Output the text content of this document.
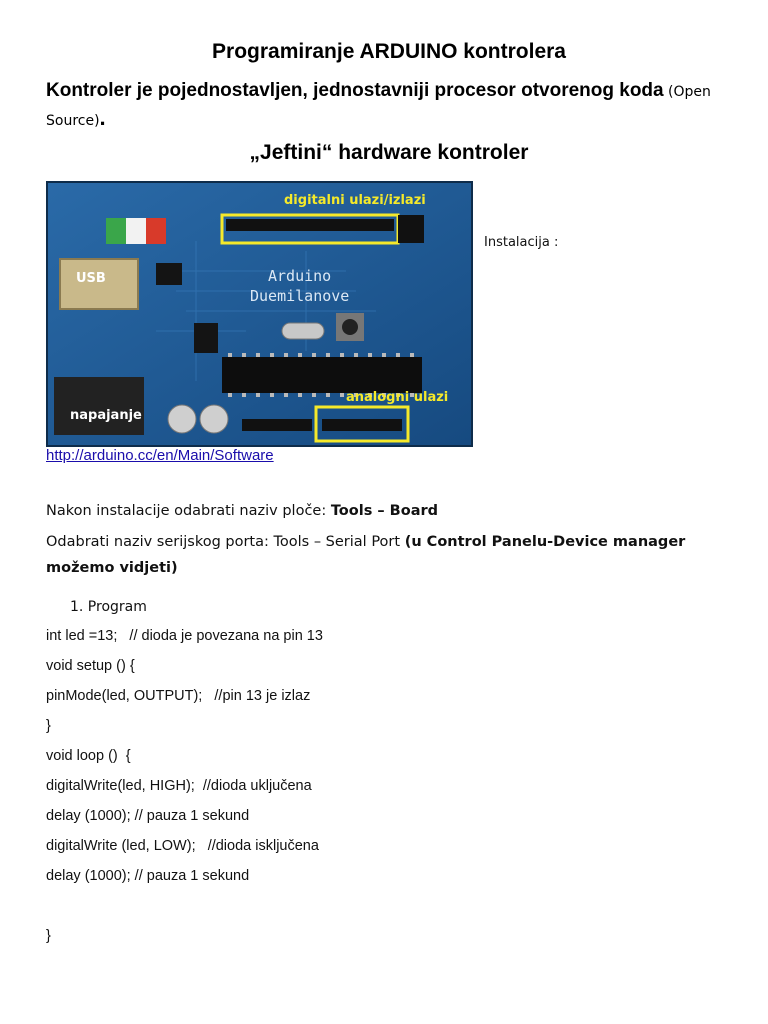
Programiranje ARDUINO kontrolera
Kontroler je pojednostavljen, jednostavniji procesor otvorenog koda (Open Source).
„Jeftini“ hardware kontroler
USB
napajanje
digitalni ulazi/izlazi
Arduino
Duemilanove
analogni ulazi
Instalacija :
http://arduino.cc/en/Main/Software
Nakon instalacije odabrati naziv ploče: Tools – Board
Odabrati naziv serijskog porta: Tools – Serial Port (u Control Panelu-Device manager možemo vidjeti)
1. Program
int led =13;   // dioda je povezana na pin 13
void setup () {
pinMode(led, OUTPUT);   //pin 13 je izlaz
}
void loop ()  {
digitalWrite(led, HIGH);  //dioda uključena
delay (1000); // pauza 1 sekund
digitalWrite (led, LOW);   //dioda isključena
delay (1000); // pauza 1 sekund
}
